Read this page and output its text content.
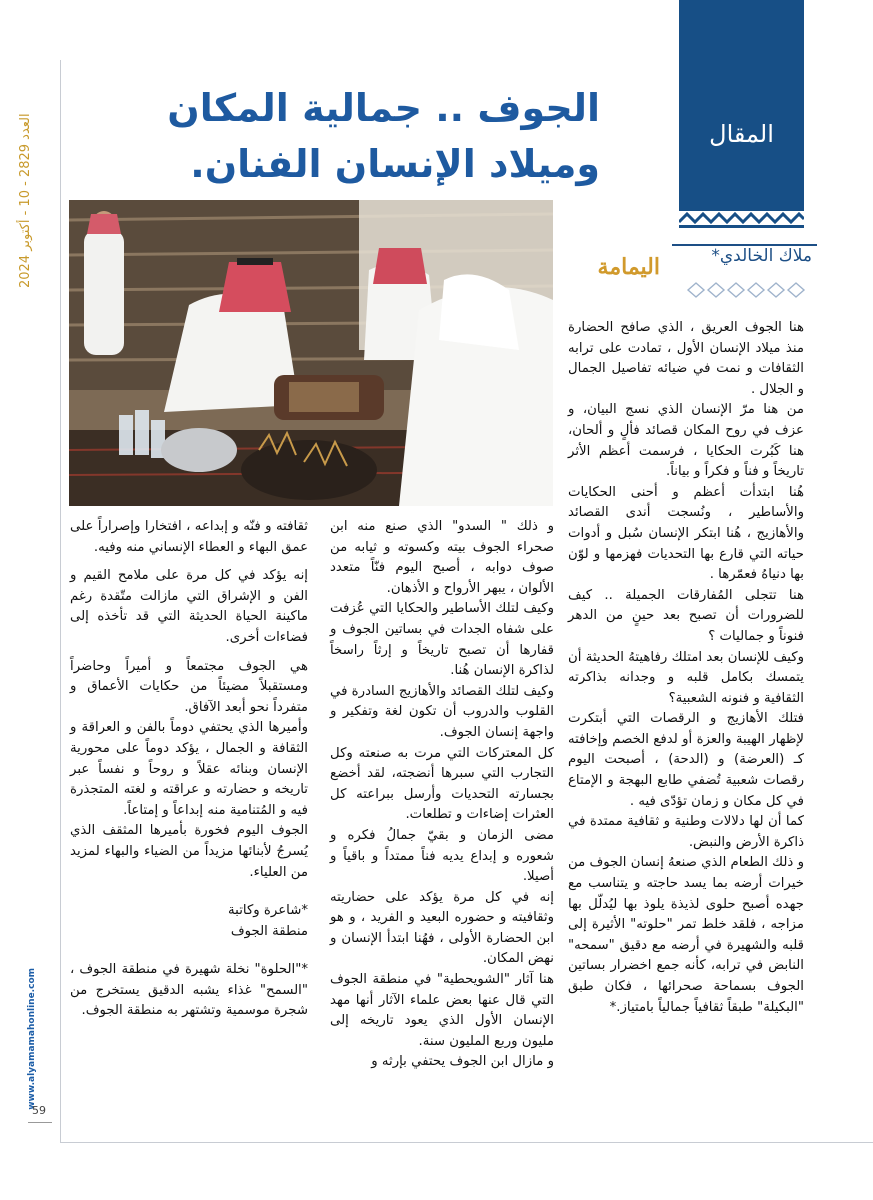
العدد 2829 - 10 - أكتوبر 2024
www.alyamamahonline.com
59
المقال
ملاك الخالدي*
اليمامة
الجوف .. جمالية المكان
وميلاد الإنسان الفنان.

هنا الجوف العريق ، الذي صافح الحضارة منذ ميلاد الإنسان الأول ، تمادت على ترابه الثقافات و نمت في ضيائه تفاصيل الجمال و الجلال .

من هنا مرّ الإنسان الذي نسج البيان، و عزف في روح المكان قصائد فألٍ و ألحان، هنا كَبُرت الحكايا ، فرسمت أعظم الأثر تاريخاً و فناً و فكراً و بياناً.

هُنا ابتدأت أعظم و أحنى الحكايات والأساطير ، ونُسجت أندى القصائد والأهازيج ، هُنا ابتكر الإنسان سُبل و أدوات حياته التي قارع بها التحديات فهزمها و لوّن بها دنياهُ فعمّرها .

هنا تتجلى المُفارقات الجميلة .. كيف للضرورات أن تصبح بعد حينٍ من الدهر فنوناً و جماليات ؟

وكيف للإنسان بعد امتلك رفاهيتهُ الحديثة أن يتمسك بكامل قلبه و وجدانه بذاكرته الثقافية و فنونه الشعبية؟

فتلك الأهازيج و الرقصات التي أبتكرت لإظهار الهيبة والعزة أو لدفع الخصم وإخافته كـ (العرضة) و (الدحة) ، أصبحت اليوم رقصات شعبية تُضفي طابع البهجة و الإمتاع في كل مكان و زمان تؤدّى فيه .

كما أن لها دلالات وطنية و ثقافية ممتدة في ذاكرة الأرض والنبض.

و ذلك الطعام الذي صنعهُ إنسان الجوف من خيرات أرضه بما يسد حاجته و يتناسب مع جهده أصبح حلوى لذيذة يلوذ بها ليُدلّل بها مزاجه ، فلقد خلط تمر "حلوته" الأثيرة إلى قلبه والشهيرة في أرضه مع دقيق "سمحه" النابض في ترابه، كأنه جمع اخضرار بساتين الجوف بسماحة صحرائها ، فكان طبق "البكيلة" طبقاً ثقافياً جمالياً بامتياز.*

و ذلك " السدو" الذي صنع منه ابن صحراء الجوف بيته وكسوته و ثيابه من صوف دوابه ، أصبح اليوم فنّاً متعدد الألوان ، يبهر الأرواح و الأذهان.

وكيف لتلك الأساطير والحكايا التي عُزفت على شفاه الجدات في بساتين الجوف و قفارها أن تصبح تاريخاً و إرثاً راسخاً لذاكرة الإنسان هُنا.

وكيف لتلك القصائد والأهازيج السادرة في القلوب والدروب أن تكون لغة وتفكير و واجهة إنسان الجوف.

كل المعتركات التي مرت به صنعته وكل التجارب التي سبرها أنضجته، لقد أخضع بجسارته التحديات وأرسل ببراعته كل العثرات إضاءات و تطلعات.

مضى الزمان و بقيّ جمالُ فكره و شعوره و إبداع يديه فناً ممتداً و باقياً و أصيلا.

إنه في كل مرة يؤكد على حضاريته وثقافيته و حضوره البعيد و الفريد ، و هو ابن الحضارة الأولى ، فهُنا ابتدأ الإنسان و نهض المكان.

هنا آثار "الشويحطية" في منطقة الجوف التي قال عنها بعض علماء الآثار أنها مهد الإنسان الأول الذي يعود تاريخه إلى مليون وربع المليون سنة.

و مازال ابن الجوف يحتفي بإرثه و

ثقافته و فنّه و إبداعه ، افتخارا وإصراراً على عمق البهاء و العطاء الإنساني منه وفيه.

إنه يؤكد في كل مرة على ملامح القيم و الفن و الإشراق التي مازالت متّقدة رغم ماكينة الحياة الحديثة التي قد تأخذه إلى فضاءات أخرى.

هي الجوف مجتمعاً و أميراً وحاضراً ومستقبلاً مضيئاً من حكايات الأعماق و متفرداً نحو أبعد الآفاق.

وأميرها الذي يحتفي دوماً بالفن و العراقة و الثقافة و الجمال ، يؤكد دوماً على محورية الإنسان وبنائه عقلاً و روحاً و نفساً عبر تاريخه و حضارته و عراقته و لغته المتجذرة فيه و المُتنامية منه إبداعاً و إمتاعاً.

الجوف اليوم فخورة بأميرها المثقف الذي يُسرجُ لأبنائها مزيداً من الضياء والبهاء لمزيد من العلياء.

*شاعرة وكاتبة

منطقة الجوف

*"الحلوة" نخلة شهيرة في منطقة الجوف ، "السمح" غذاء يشبه الدقيق يستخرج من شجرة موسمية وتشتهر به منطقة الجوف.
